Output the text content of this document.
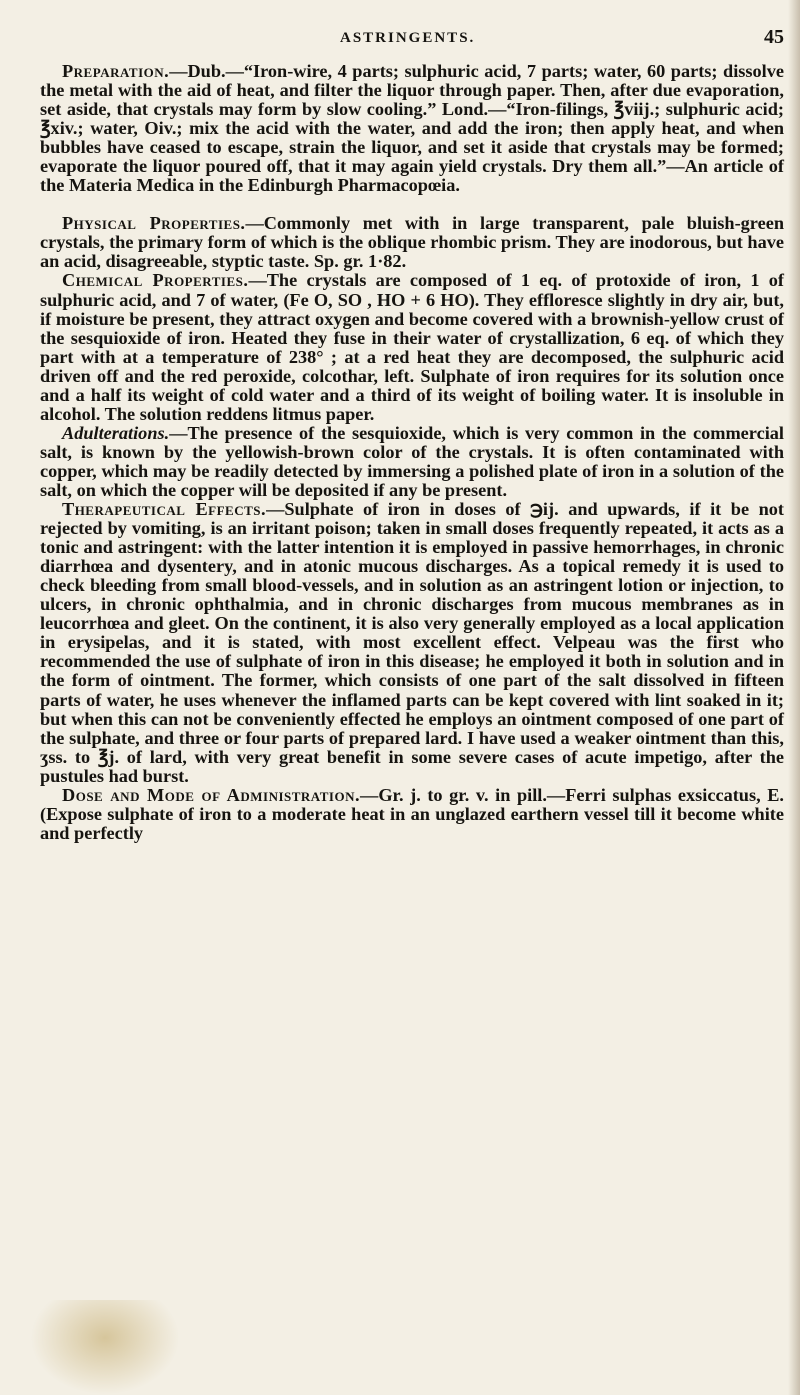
ASTRINGENTS.	45

Preparation.—Dub.—“Iron-wire, 4 parts; sulphuric acid, 7 parts; water, 60 parts; dissolve the metal with the aid of heat, and filter the liquor through paper. Then, after due evaporation, set aside, that crystals may form by slow cooling.” Lond.—“Iron-filings, ℥viij.; sulphuric acid; ℥xiv.; water, Oiv.; mix the acid with the water, and add the iron; then apply heat, and when bubbles have ceased to escape, strain the liquor, and set it aside that crystals may be formed; evaporate the liquor poured off, that it may again yield crystals. Dry them all.”—An article of the Materia Medica in the Edinburgh Pharmacopœia.

Physical Properties.—Commonly met with in large transparent, pale bluish-green crystals, the primary form of which is the oblique rhombic prism. They are inodorous, but have an acid, disagreeable, styptic taste. Sp. gr. 1·82.

Chemical Properties.—The crystals are composed of 1 eq. of protoxide of iron, 1 of sulphuric acid, and 7 of water, (Fe O, SO , HO + 6 HO). They effloresce slightly in dry air, but, if moisture be present, they attract oxygen and become covered with a brownish-yellow crust of the sesquioxide of iron. Heated they fuse in their water of crystallization, 6 eq. of which they part with at a temperature of 238° ; at a red heat they are decomposed, the sulphuric acid driven off and the red peroxide, colcothar, left. Sulphate of iron requires for its solution once and a half its weight of cold water and a third of its weight of boiling water. It is insoluble in alcohol. The solution reddens litmus paper.

Adulterations.—The presence of the sesquioxide, which is very common in the commercial salt, is known by the yellowish-brown color of the crystals. It is often contaminated with copper, which may be readily detected by immersing a polished plate of iron in a solution of the salt, on which the copper will be deposited if any be present.

Therapeutical Effects.—Sulphate of iron in doses of ℈ij. and upwards, if it be not rejected by vomiting, is an irritant poison; taken in small doses frequently repeated, it acts as a tonic and astringent: with the latter intention it is employed in passive hemorrhages, in chronic diarrhœa and dysentery, and in atonic mucous discharges. As a topical remedy it is used to check bleeding from small blood-vessels, and in solution as an astringent lotion or injection, to ulcers, in chronic ophthalmia, and in chronic discharges from mucous membranes as in leucorrhœa and gleet. On the continent, it is also very generally employed as a local application in erysipelas, and it is stated, with most excellent effect. Velpeau was the first who recommended the use of sulphate of iron in this disease; he employed it both in solution and in the form of ointment. The former, which consists of one part of the salt dissolved in fifteen parts of water, he uses whenever the inflamed parts can be kept covered with lint soaked in it; but when this can not be conveniently effected he employs an ointment composed of one part of the sulphate, and three or four parts of prepared lard. I have used a weaker ointment than this, ʒss. to ℥j. of lard, with very great benefit in some severe cases of acute impetigo, after the pustules had burst.

Dose and Mode of Administration.—Gr. j. to gr. v. in pill.—Ferri sulphas exsiccatus, E. (Expose sulphate of iron to a moderate heat in an unglazed earthern vessel till it become white and perfectly
